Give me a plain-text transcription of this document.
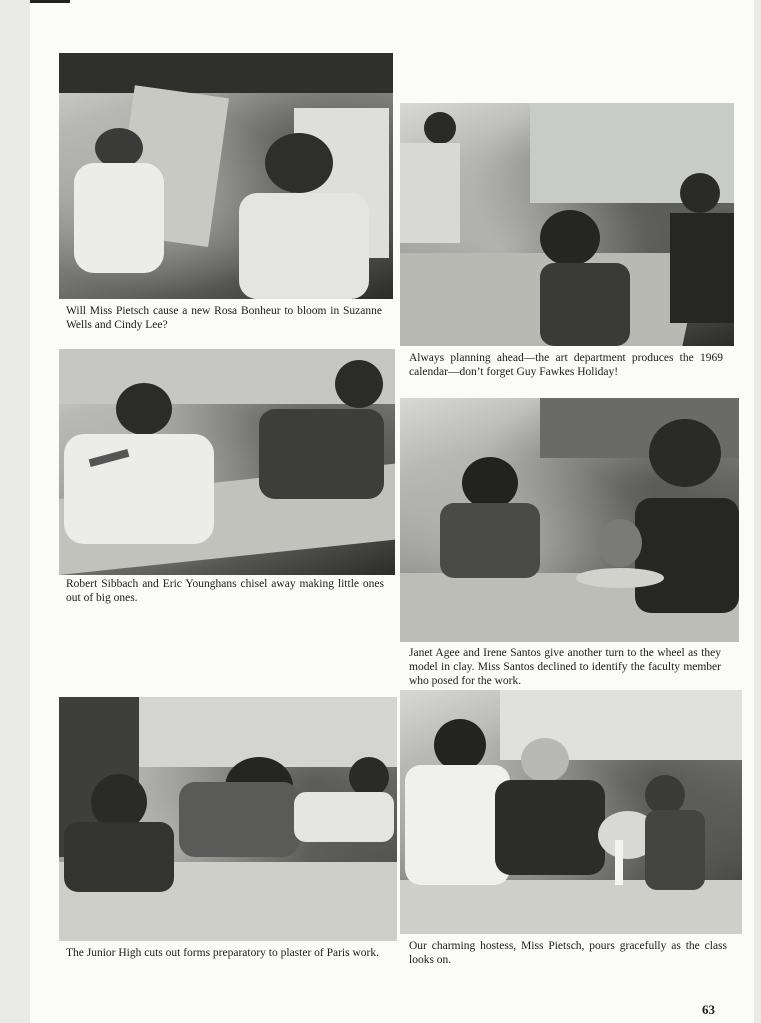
Will Miss Pietsch cause a new Rosa Bonheur to bloom in Suzanne Wells and Cindy Lee?

Always planning ahead—the art department produces the 1969 calendar—don’t forget Guy Fawkes Holiday!

Robert Sibbach and Eric Younghans chisel away making little ones out of big ones.

Janet Agee and Irene Santos give another turn to the wheel as they model in clay. Miss Santos declined to identify the faculty member who posed for the work.

The Junior High cuts out forms preparatory to plaster of Paris work.

Our charming hostess, Miss Pietsch, pours gracefully as the class looks on.

63
